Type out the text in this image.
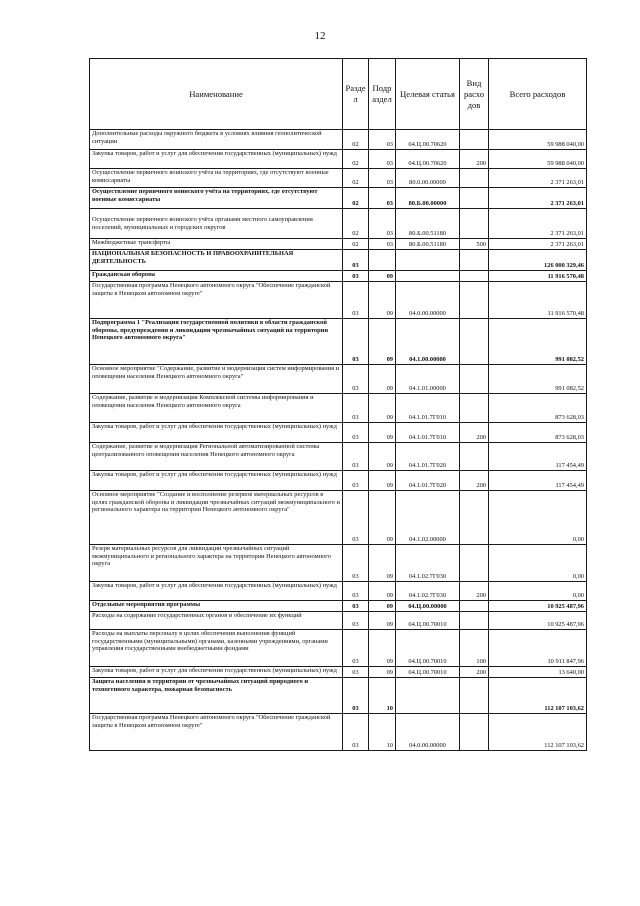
12
Наименование	Разде л	Подр аздел	Целевая статья	Вид расхо дов	Всего расходов
Дополнительные расходы окружного бюджета в условиях влияния геополитической ситуации	02	03	04.Ц.00.70620		59 988 040,00
Закупка товаров, работ и услуг для обеспечения государственных (муниципальных) нужд	02	03	04.Ц.00.70620	200	59 988 040,00
Осуществление первичного воинского учёта на территориях, где отсутствуют военные комиссариаты	02	03	80.0.00.00000		2 371 263,01
Осуществление первичного воинского учёта на территориях, где отсутствуют военные комиссариаты	02	03	80.Б.00.00000		2 371 263,01
Осуществление первичного воинского учёта органами местного самоуправления поселений, муниципальных и городских округов	02	03	80.Б.00.51180		2 371 263,01
Межбюджетные трансферты	02	03	80.Б.00.51180	500	2 371 263,01
НАЦИОНАЛЬНАЯ БЕЗОПАСНОСТЬ И ПРАВООХРАНИТЕЛЬНАЯ ДЕЯТЕЛЬНОСТЬ	03				126 000 329,46
Гражданская оборона	03	09			11 916 570,48
Государственная программа Ненецкого автономного округа "Обеспечение гражданской защиты в Ненецком автономном округе"	03	09	04.0.00.00000		11 916 570,48
Подпрограмма 1 "Реализация государственной политики в области гражданской обороны, предупреждения и ликвидации чрезвычайных ситуаций на территории Ненецкого автономного округа"	03	09	04.1.00.00000		991 082,52
Основное мероприятие "Содержание, развитие и модернизация систем информирования и оповещения населения Ненецкого автономного округа"	03	09	04.1.01.00000		991 082,52
Содержание, развитие и модернизация Комплексной системы информирования и оповещения населения Ненецкого автономного округа	03	09	04.1.01.7Г010		873 628,03
Закупка товаров, работ и услуг для обеспечения государственных (муниципальных) нужд	03	09	04.1.01.7Г010	200	873 628,03
Содержание, развитие и модернизация Региональной автоматизированной системы централизованного оповещения населения Ненецкого автономного округа	03	09	04.1.01.7Г020		117 454,49
Закупка товаров, работ и услуг для обеспечения государственных (муниципальных) нужд	03	09	04.1.01.7Г020	200	117 454,49
Основное мероприятие "Создание и восполнение резервов материальных ресурсов в целях гражданской обороны и ликвидации чрезвычайных ситуаций межмуниципального и регионального характера на территории Ненецкого автономного округа"	03	09	04.1.02.00000		0,00
Резерв материальных ресурсов для ликвидации чрезвычайных ситуаций межмуниципального и регионального характера на территории Ненецкого автономного округа	03	09	04.1.02.7Г030		0,00
Закупка товаров, работ и услуг для обеспечения государственных (муниципальных) нужд	03	09	04.1.02.7Г030	200	0,00
Отдельные мероприятия программы	03	09	04.Ц.00.00000		10 925 487,96
Расходы на содержание государственных органов и обеспечение их функций	03	09	04.Ц.00.70010		10 925 487,96
Расходы на выплаты персоналу в целях обеспечения выполнения функций государственными (муниципальными) органами, казенными учреждениями, органами управления государственными внебюджетными фондами	03	09	04.Ц.00.70010	100	10 911 847,96
Закупка товаров, работ и услуг для обеспечения государственных (муниципальных) нужд	03	09	04.Ц.00.70010	200	13 640,00
Защита населения и территории от чрезвычайных ситуаций природного и техногенного характера, пожарная безопасность	03	10			112 107 103,62
Государственная программа Ненецкого автономного округа "Обеспечение гражданской защиты в Ненецком автономном округе"	03	10	04.0.00.00000		112 107 103,62
